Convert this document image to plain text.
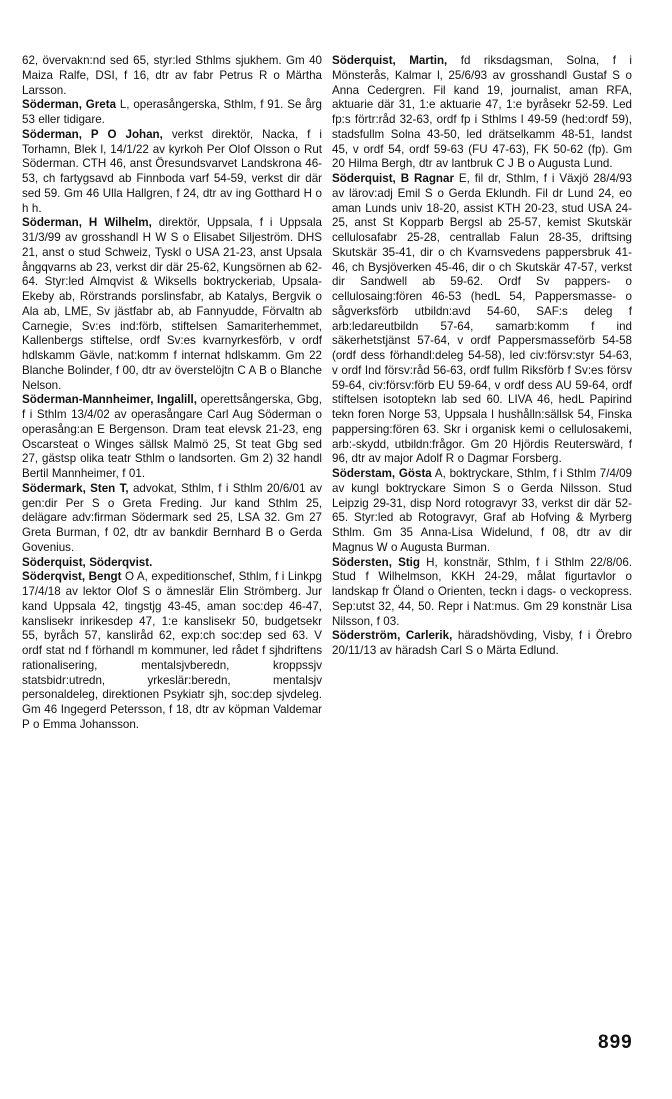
62, övervakn:nd sed 65, styr:led Sthlms sjukhem. Gm 40 Maiza Ralfe, DSI, f 16, dtr av fabr Petrus R o Märtha Larsson.

Söderman, Greta L, operasångerska, Sthlm, f 91. Se årg 53 eller tidigare.

Söderman, P O Johan, verkst direktör, Nacka, f i Torhamn, Blek l, 14/1/22 av kyrkoh Per Olof Olsson o Rut Söderman. CTH 46, anst Öresundsvarvet Landskrona 46-53, ch fartygsavd ab Finnboda varf 54-59, verkst dir där sed 59. Gm 46 Ulla Hallgren, f 24, dtr av ing Gotthard H o h h.

Söderman, H Wilhelm, direktör, Uppsala, f i Uppsala 31/3/99 av grosshandl H W S o Elisabet Siljeström. DHS 21, anst o stud Schweiz, Tyskl o USA 21-23, anst Upsala ångqvarns ab 23, verkst dir där 25-62, Kungsörnen ab 62-64. Styr:led Almqvist & Wiksells boktryckeriab, Upsala-Ekeby ab, Rörstrands porslinsfabr, ab Katalys, Bergvik o Ala ab, LME, Sv jästfabr ab, ab Fannyudde, Förvaltn ab Carnegie, Sv:es ind:förb, stiftelsen Samariterhemmet, Kallenbergs stiftelse, ordf Sv:es kvarnyrkesförb, v ordf hdlskamm Gävle, nat:komm f internat hdlskamm. Gm 22 Blanche Bolinder, f 00, dtr av överstelöjtn C A B o Blanche Nelson.

Söderman-Mannheimer, Ingalill, operettsångerska, Gbg, f i Sthlm 13/4/02 av operasångare Carl Aug Söderman o operasång:an E Bergenson. Dram teat elevsk 21-23, eng Oscarsteat o Winges sällsk Malmö 25, St teat Gbg sed 27, gästsp olika teatr Sthlm o landsorten. Gm 2) 32 handl Bertil Mannheimer, f 01.

Södermark, Sten T, advokat, Sthlm, f i Sthlm 20/6/01 av gen:dir Per S o Greta Freding. Jur kand Sthlm 25, delägare adv:firman Södermark sed 25, LSA 32. Gm 27 Greta Burman, f 02, dtr av bankdir Bernhard B o Gerda Govenius.

Söderquist, Söderqvist.

Söderqvist, Bengt O A, expeditionschef, Sthlm, f i Linkpg 17/4/18 av lektor Olof S o ämneslär Elin Strömberg. Jur kand Uppsala 42, tingstjg 43-45, aman soc:dep 46-47, kanslisekr inrikesdep 47, 1:e kanslisekr 50, budgetsekr 55, byråch 57, kansliråd 62, exp:ch soc:dep sed 63. V ordf stat nd f förhandl m kommuner, led rådet f sjhdriftens rationalisering, mentalsjvberedn, kroppssjv statsbidr:utredn, yrkeslär:beredn, mentalsjv personaldeleg, direktionen Psykiatr sjh, soc:dep sjvdeleg. Gm 46 Ingegerd Petersson, f 18, dtr av köpman Valdemar P o Emma Johansson.

Söderquist, Martin, fd riksdagsman, Solna, f i Mönsterås, Kalmar l, 25/6/93 av grosshandl Gustaf S o Anna Cedergren. Fil kand 19, journalist, aman RFA, aktuarie där 31, 1:e aktuarie 47, 1:e byråsekr 52-59. Led fp:s förtr:råd 32-63, ordf fp i Sthlms l 49-59 (hed:ordf 59), stadsfullm Solna 43-50, led drätselkamm 48-51, landst 45, v ordf 54, ordf 59-63 (FU 47-63), FK 50-62 (fp). Gm 20 Hilma Bergh, dtr av lantbruk C J B o Augusta Lund.

Söderquist, B Ragnar E, fil dr, Sthlm, f i Växjö 28/4/93 av lärov:adj Emil S o Gerda Eklundh. Fil dr Lund 24, eo aman Lunds univ 18-20, assist KTH 20-23, stud USA 24-25, anst St Kopparb Bergsl ab 25-57, kemist Skutskär cellulosafabr 25-28, centrallab Falun 28-35, driftsing Skutskär 35-41, dir o ch Kvarnsvedens pappersbruk 41-46, ch Bysjöverken 45-46, dir o ch Skutskär 47-57, verkst dir Sandwell ab 59-62. Ordf Sv pappers- o cellulosaing:fören 46-53 (hedL 54, Pappersmasse- o sågverksförb utbildn:avd 54-60, SAF:s deleg f arb:ledareutbildn 57-64, samarb:komm f ind säkerhetstjänst 57-64, v ordf Pappersmasseförb 54-58 (ordf dess förhandl:deleg 54-58), led civ:försv:styr 54-63, v ordf Ind försv:råd 56-63, ordf fullm Riksförb f Sv:es försv 59-64, civ:försv:förb EU 59-64, v ordf dess AU 59-64, ordf stiftelsen isotoptekn lab sed 60. LIVA 46, hedL Papirind tekn foren Norge 53, Uppsala l hushålln:sällsk 54, Finska pappersing:fören 63. Skr i organisk kemi o cellulosakemi, arb:-skydd, utbildn:frågor. Gm 20 Hjördis Reuterswärd, f 96, dtr av major Adolf R o Dagmar Forsberg.

Söderstam, Gösta A, boktryckare, Sthlm, f i Sthlm 7/4/09 av kungl boktryckare Simon S o Gerda Nilsson. Stud Leipzig 29-31, disp Nord rotogravyr 33, verkst dir där 52-65. Styr:led ab Rotogravyr, Graf ab Hofving & Myrberg Sthlm. Gm 35 Anna-Lisa Widelund, f 08, dtr av dir Magnus W o Augusta Burman.

Södersten, Stig H, konstnär, Sthlm, f i Sthlm 22/8/06. Stud f Wilhelmson, KKH 24-29, målat figurtavlor o landskap fr Öland o Orienten, teckn i dags- o veckopress. Sep:utst 32, 44, 50. Repr i Nat:mus. Gm 29 konstnär Lisa Nilsson, f 03.

Söderström, Carlerik, häradshövding, Visby, f i Örebro 20/11/13 av häradsh Carl S o Märta Edlund.

899
